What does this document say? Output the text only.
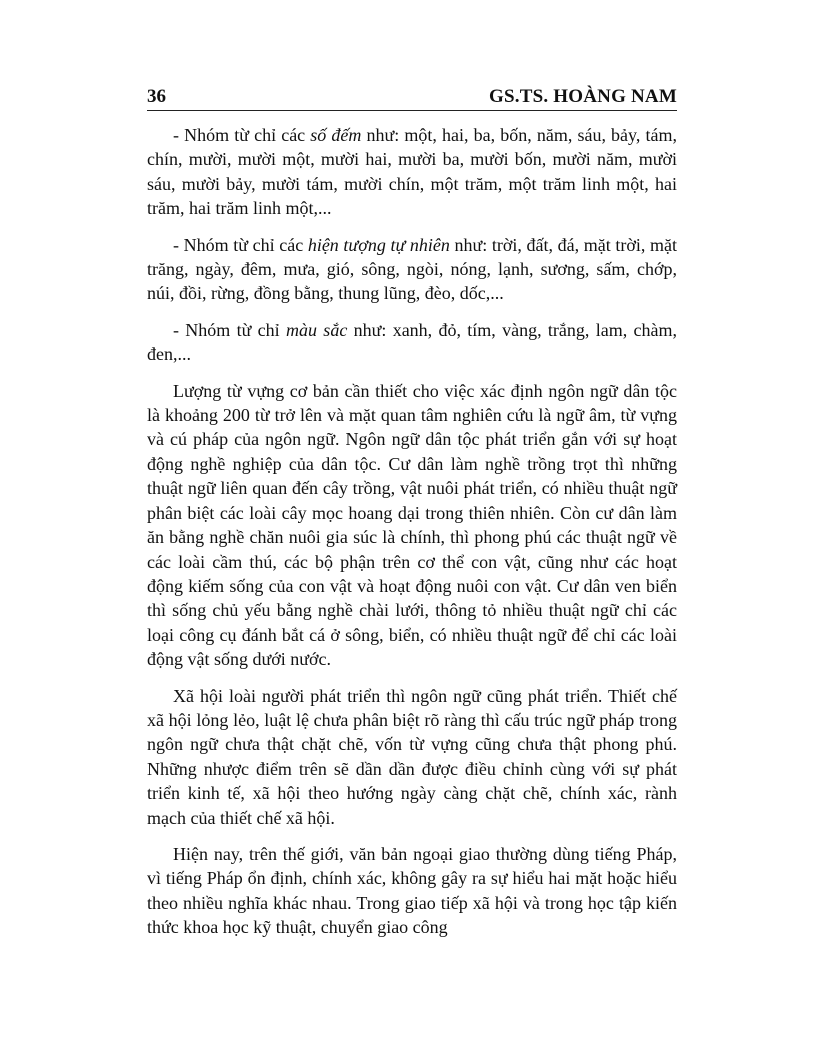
36	GS.TS. HOÀNG NAM

- Nhóm từ chỉ các số đếm như: một, hai, ba, bốn, năm, sáu, bảy, tám, chín, mười, mười một, mười hai, mười ba, mười bốn, mười năm, mười sáu, mười bảy, mười tám, mười chín, một trăm, một trăm linh một, hai trăm, hai trăm linh một,...

- Nhóm từ chỉ các hiện tượng tự nhiên như: trời, đất, đá, mặt trời, mặt trăng, ngày, đêm, mưa, gió, sông, ngòi, nóng, lạnh, sương, sấm, chớp, núi, đồi, rừng, đồng bằng, thung lũng, đèo, dốc,...

- Nhóm từ chỉ màu sắc như: xanh, đỏ, tím, vàng, trắng, lam, chàm, đen,...

Lượng từ vựng cơ bản cần thiết cho việc xác định ngôn ngữ dân tộc là khoảng 200 từ trở lên và mặt quan tâm nghiên cứu là ngữ âm, từ vựng và cú pháp của ngôn ngữ. Ngôn ngữ dân tộc phát triển gắn với sự hoạt động nghề nghiệp của dân tộc. Cư dân làm nghề trồng trọt thì những thuật ngữ liên quan đến cây trồng, vật nuôi phát triển, có nhiều thuật ngữ phân biệt các loài cây mọc hoang dại trong thiên nhiên. Còn cư dân làm ăn bằng nghề chăn nuôi gia súc là chính, thì phong phú các thuật ngữ về các loài cầm thú, các bộ phận trên cơ thể con vật, cũng như các hoạt động kiếm sống của con vật và hoạt động nuôi con vật. Cư dân ven biển thì sống chủ yếu bằng nghề chài lưới, thông tỏ nhiều thuật ngữ chỉ các loại công cụ đánh bắt cá ở sông, biển, có nhiều thuật ngữ để chỉ các loài động vật sống dưới nước.

Xã hội loài người phát triển thì ngôn ngữ cũng phát triển. Thiết chế xã hội lỏng lẻo, luật lệ chưa phân biệt rõ ràng thì cấu trúc ngữ pháp trong ngôn ngữ chưa thật chặt chẽ, vốn từ vựng cũng chưa thật phong phú. Những nhược điểm trên sẽ dần dần được điều chỉnh cùng với sự phát triển kinh tế, xã hội theo hướng ngày càng chặt chẽ, chính xác, rành mạch của thiết chế xã hội.

Hiện nay, trên thế giới, văn bản ngoại giao thường dùng tiếng Pháp, vì tiếng Pháp ổn định, chính xác, không gây ra sự hiểu hai mặt hoặc hiểu theo nhiều nghĩa khác nhau. Trong giao tiếp xã hội và trong học tập kiến thức khoa học kỹ thuật, chuyển giao công
